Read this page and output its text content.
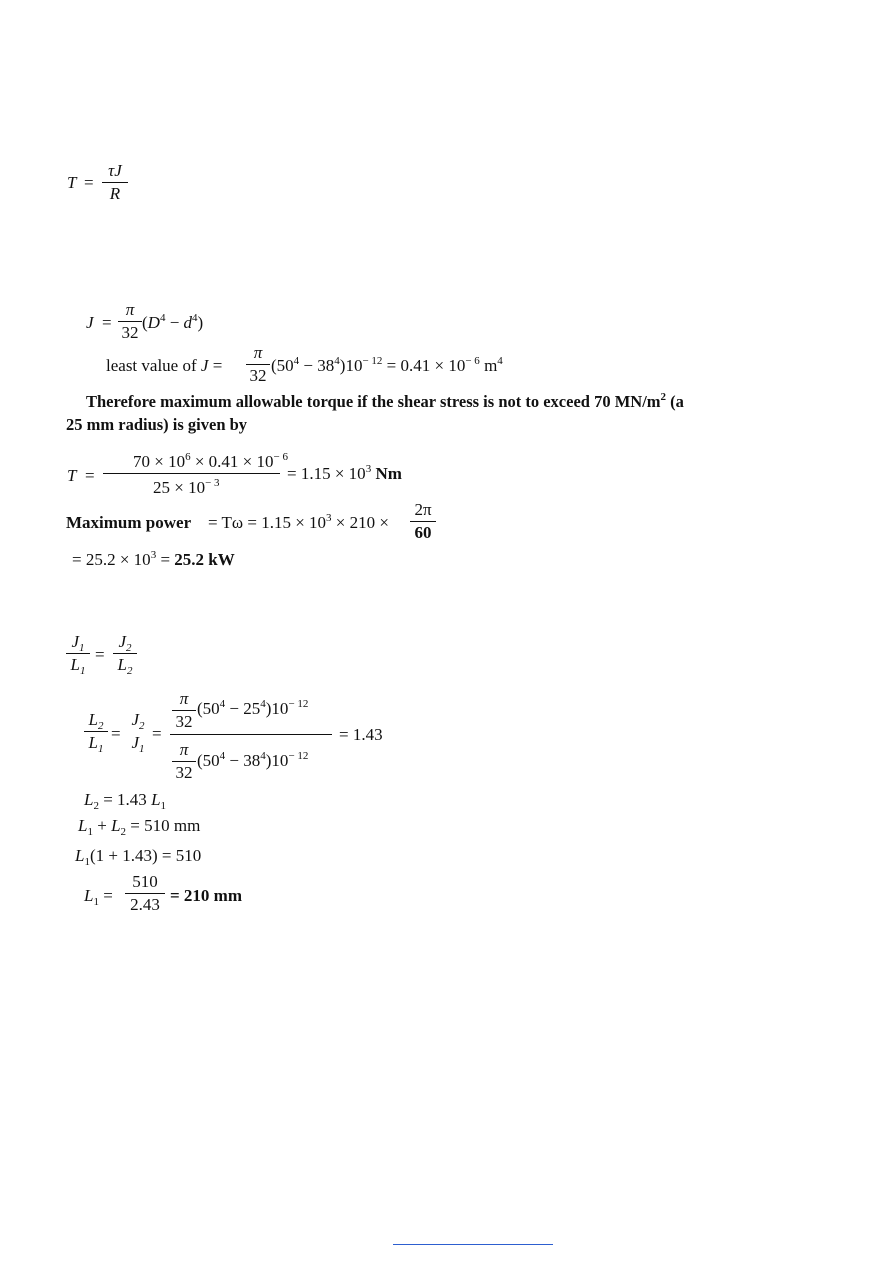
T =
τJ
R
J =
π
32
$(D^4 - d^4)$
least value of J =
π
32
$(50^4 - 38^4)10^{- 12} = 0.41 \times 10^{- 6}$ $m^4$
Therefore maximum allowable torque if the shear stress is not to exceed 70 $MN/m^2$ (a
25 mm radius) is given by
T =
$70 \times 10^6 \times 0.41 \times 10^{- 6}$
$25 \times 10^{- 3}$	= $1.15 \times 10^3$ Nm
Maximum power = $T\omega = 1.15 \times 10^3 \times 210$ ×
2π
60
= $25.2 \times 10^3 = 25.2$ kW
$J_1$
$L_1$
=
$J_2$
$L_2$
$L_2$
$L_1$
=
$J_2$
$J_1$
=
π
32
$(50^4 - 25^4)10^{- 12}$
π
32
$(50^4 - 38^4)10^{- 12}$
= 1.43
$L_2 = 1.43$ $L_1$
$L_1 + L_2 = 510$ mm
$L_1(1 + 1.43) = 510$
$L_1$ =
510
2.43 = 210 mm
